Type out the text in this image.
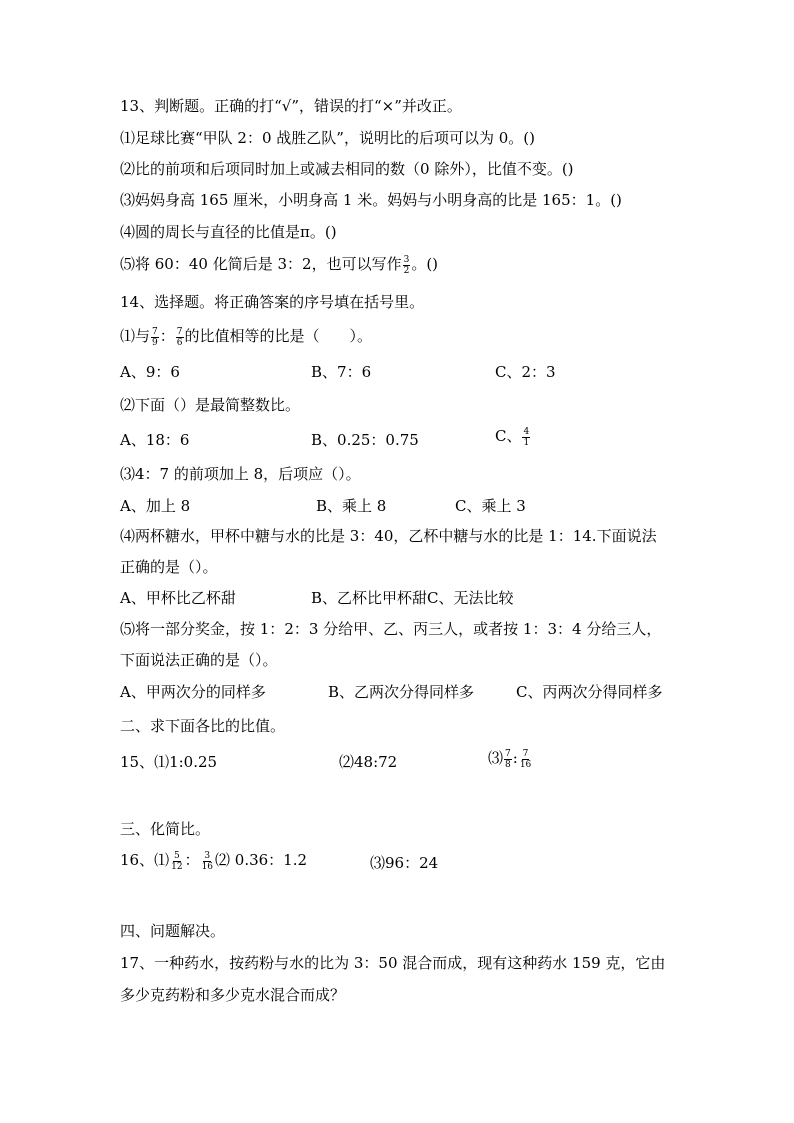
13、判断题。正确的打“√”，错误的打“×”并改正。
⑴足球比赛“甲队 2：0 战胜乙队”，说明比的后项可以为 0。()
⑵比的前项和后项同时加上或减去相同的数（0 除外），比值不变。()
⑶妈妈身高 165 厘米，小明身高 1 米。妈妈与小明身高的比是 165：1。()
⑷圆的周长与直径的比值是π。()
⑸将 60：40 化简后是 3：2，也可以写作 $\frac{3}{2}$ 。()
14、选择题。将正确答案的序号填在括号里。
⑴与 $\frac{7}{9}$ ： $\frac{7}{6}$ 的比值相等的比是（　　）。
A、9：6	B、7：6	C、2：3
⑵下面（）是最简整数比。
A、18：6	B、0.25：0.75	C、 $\frac{4}{1}$
⑶4：7 的前项加上 8，后项应（）。
A、加上 8	B、乘上 8	C、乘上 3
⑷两杯糖水，甲杯中糖与水的比是 3：40，乙杯中糖与水的比是 1：14.下面说法
正确的是（）。
A、甲杯比乙杯甜	B、乙杯比甲杯甜C、无法比较
⑸将一部分奖金，按 1：2：3 分给甲、乙、丙三人，或者按 1：3：4 分给三人，
下面说法正确的是（）。
A、甲两次分的同样多	B、乙两次分得同样多	C、丙两次分得同样多
二、求下面各比的比值。
15、⑴1:0.25	⑵48:72	⑶ $\frac{7}{8}$ : $\frac{7}{16}$
三、化简比。
16、⑴ $\frac{5}{12}$ ： $\frac{3}{16}$ ⑵ 0.36：1.2	⑶96：24
四、问题解决。
17、一种药水，按药粉与水的比为 3：50 混合而成，现有这种药水 159 克，它由
多少克药粉和多少克水混合而成？
